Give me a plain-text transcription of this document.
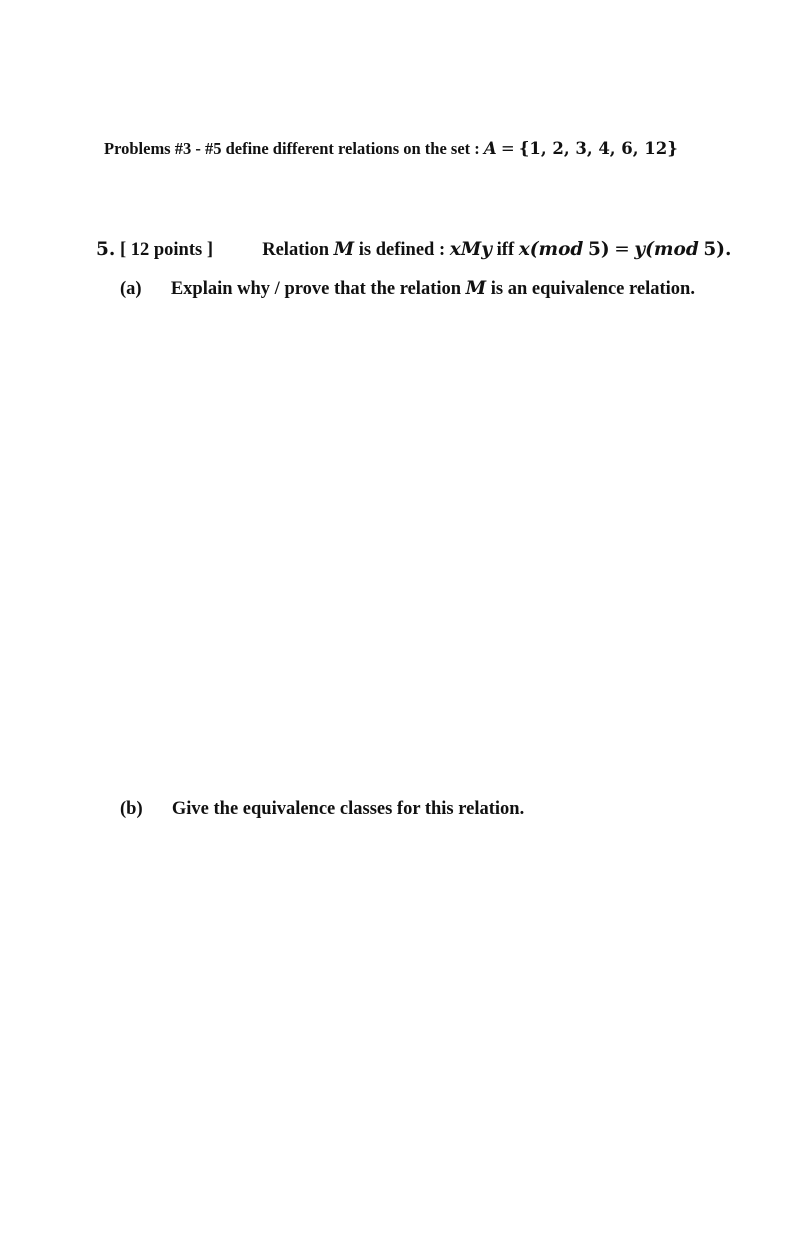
Problems #3 - #5 define different relations on the set : A = {1, 2, 3, 4, 6, 12}
5. [ 12 points ]	Relation M is defined : xMy iff x(mod 5) = y(mod 5).
(a) Explain why / prove that the relation M is an equivalence relation.
(b) Give the equivalence classes for this relation.
